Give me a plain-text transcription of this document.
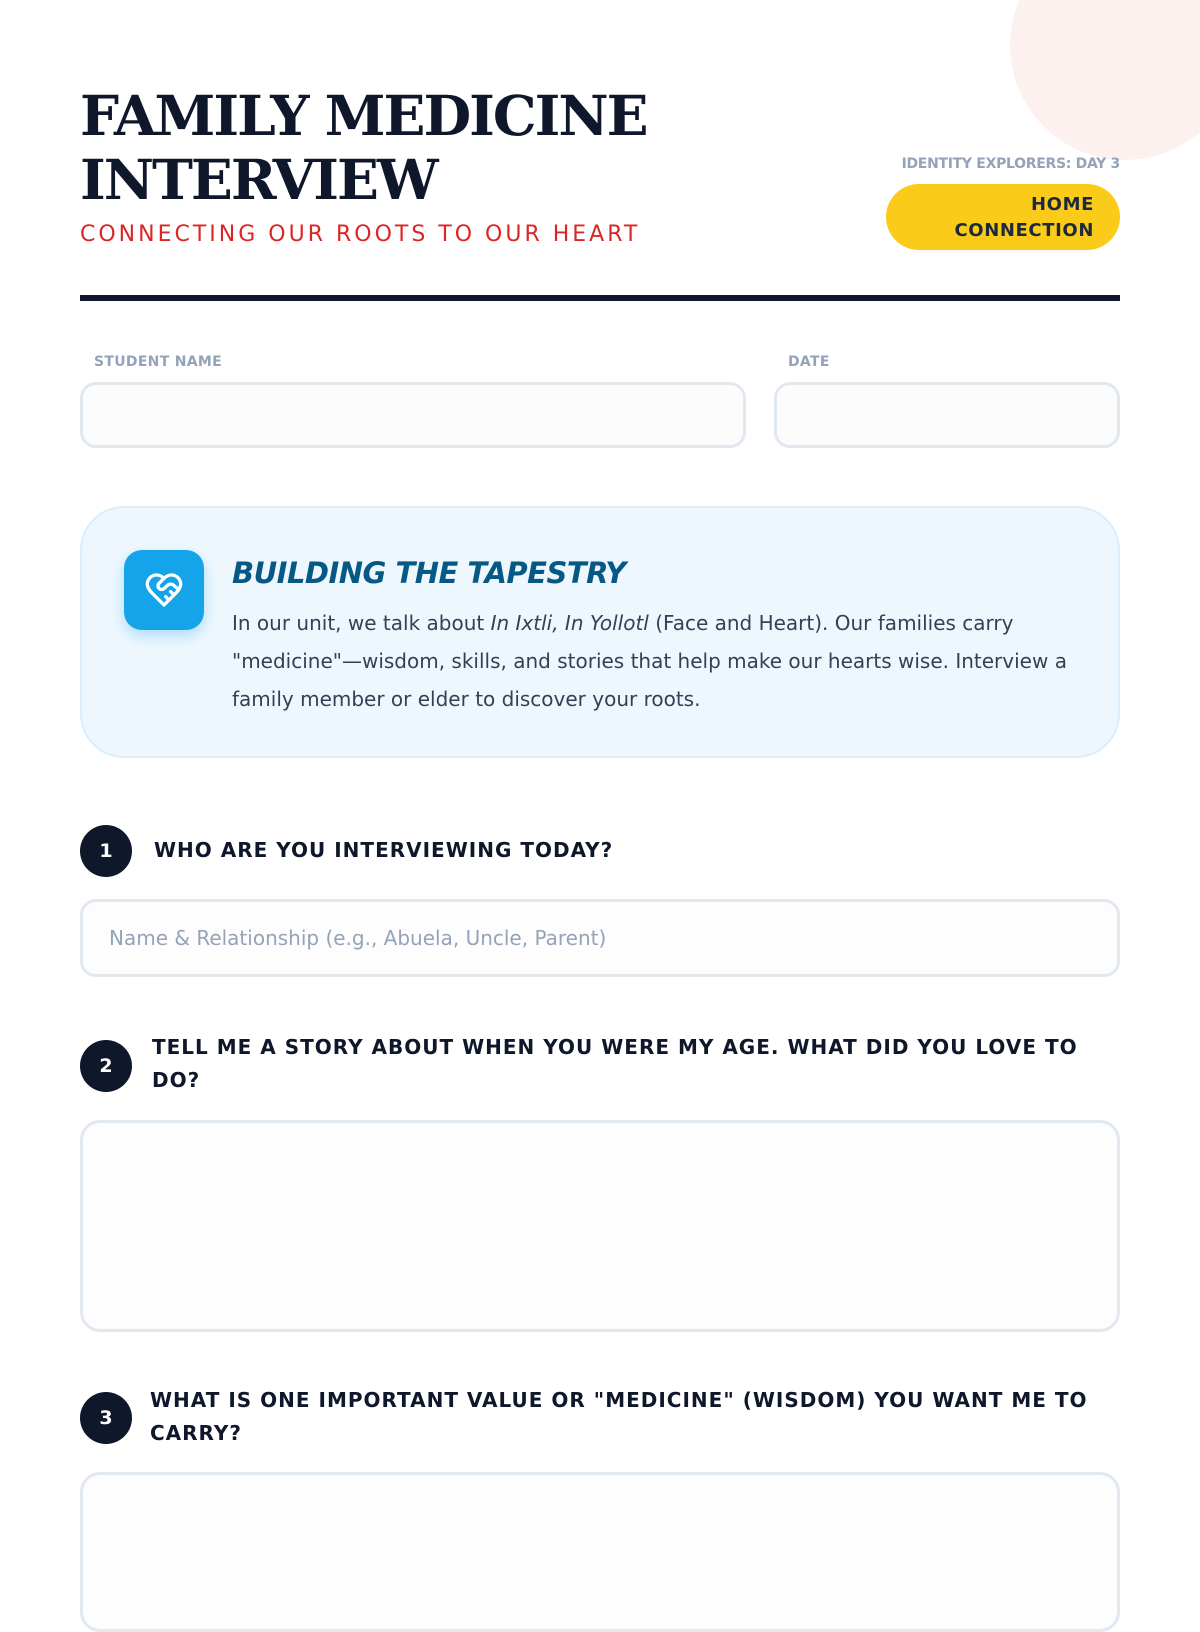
FAMILY MEDICINE
INTERVIEW
CONNECTING OUR ROOTS TO OUR HEART
IDENTITY EXPLORERS: DAY 3
HOME
CONNECTION
STUDENT NAME	DATE
BUILDING THE TAPESTRY
In our unit, we talk about In Ixtli, In Yollotl (Face and Heart). Our families carry "medicine"—wisdom, skills, and stories that help make our hearts wise. Interview a family member or elder to discover your roots.
1	WHO ARE YOU INTERVIEWING TODAY?
Name & Relationship (e.g., Abuela, Uncle, Parent)
2
TELL ME A STORY ABOUT WHEN YOU WERE MY AGE. WHAT DID YOU LOVE TO DO?
3
WHAT IS ONE IMPORTANT VALUE OR "MEDICINE" (WISDOM) YOU WANT ME TO CARRY?
